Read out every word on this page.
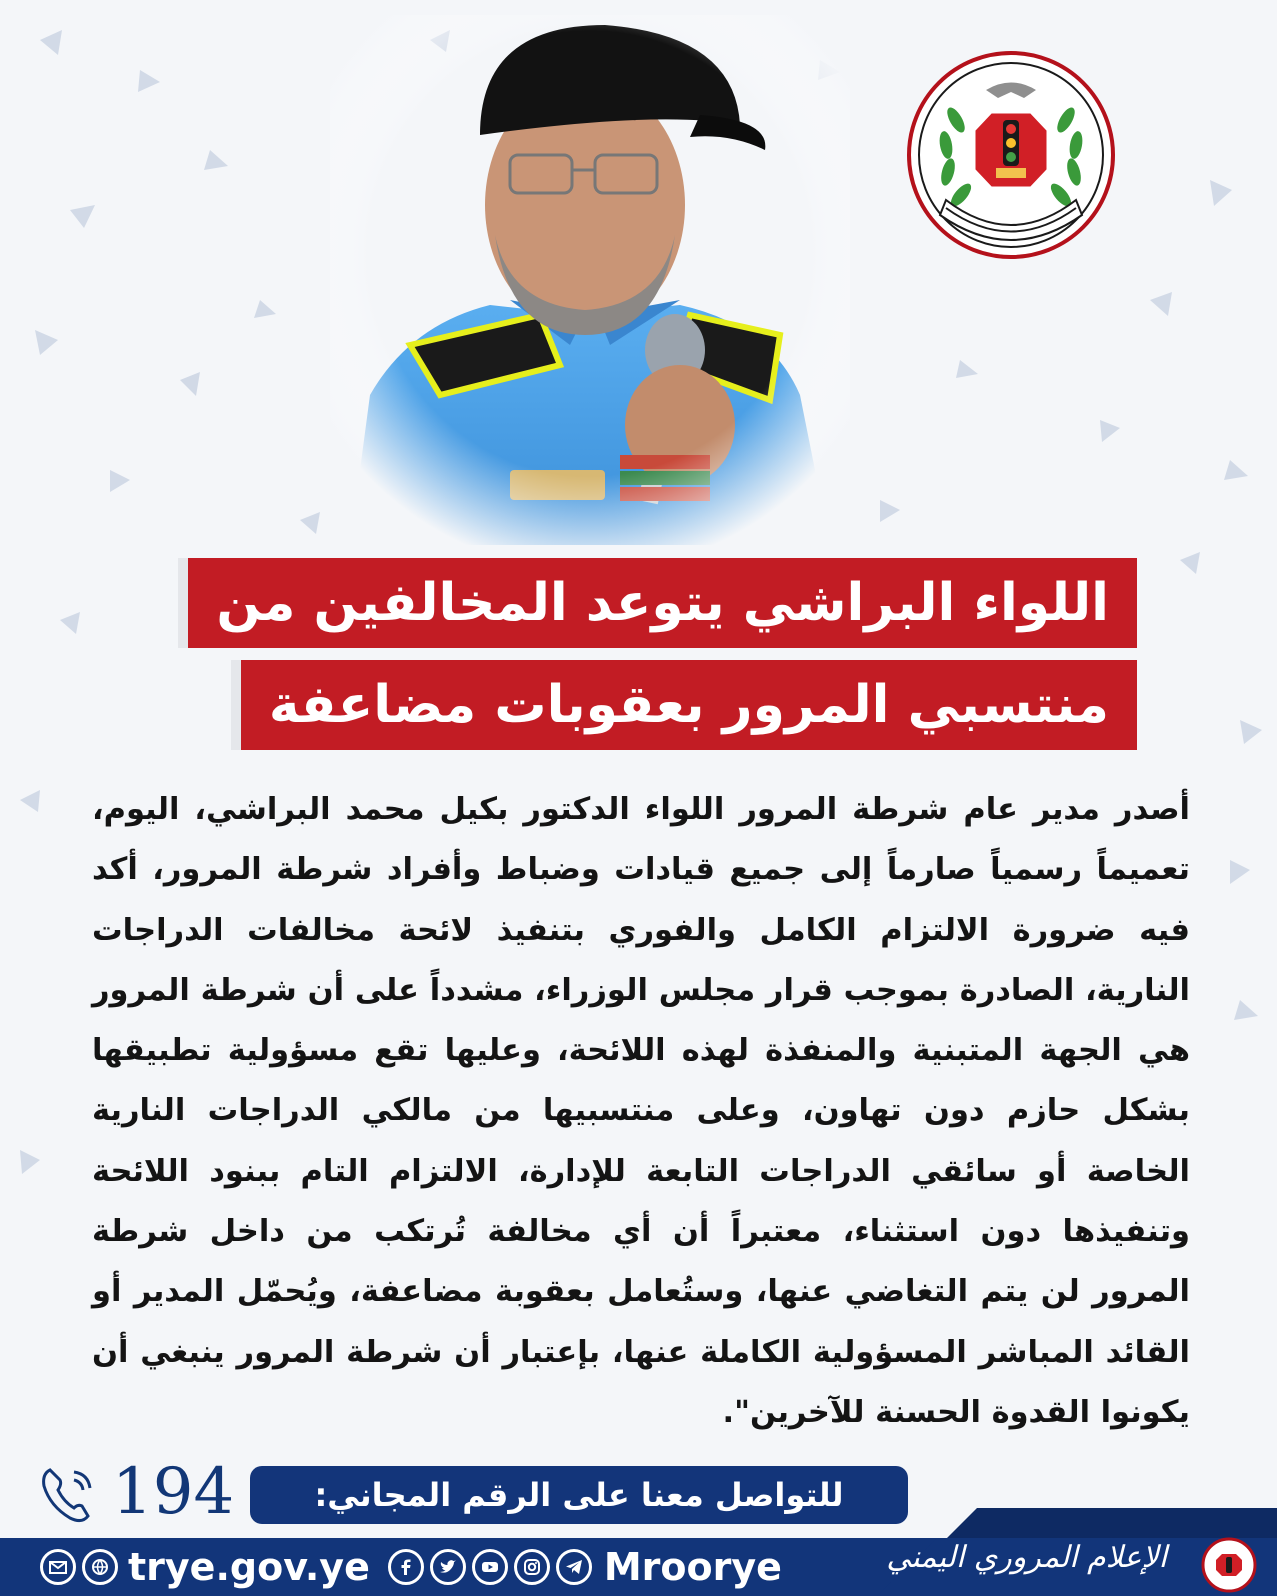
اللواء البراشي يتوعد المخالفين من
منتسبي المرور بعقوبات مضاعفة
أصدر مدير عام شرطة المرور اللواء الدكتور بكيل محمد البراشي، اليوم، تعميماً رسمياً صارماً إلى جميع قيادات وضباط وأفراد شرطة المرور، أكد فيه ضرورة الالتزام الكامل والفوري بتنفيذ لائحة مخالفات الدراجات النارية، الصادرة بموجب قرار مجلس الوزراء، مشدداً على أن شرطة المرور هي الجهة المتبنية والمنفذة لهذه اللائحة، وعليها تقع مسؤولية تطبيقها بشكل حازم دون تهاون، وعلى منتسبيها من مالكي الدراجات النارية الخاصة أو سائقي الدراجات التابعة للإدارة، الالتزام التام ببنود اللائحة وتنفيذها دون استثناء، معتبراً أن أي مخالفة تُرتكب من داخل شرطة المرور لن يتم التغاضي عنها، وستُعامل بعقوبة مضاعفة، ويُحمّل المدير أو القائد المباشر المسؤولية الكاملة عنها، بإعتبار أن شرطة المرور ينبغي أن يكونوا القدوة الحسنة للآخرين".
194	للتواصل معنا على الرقم المجاني:
trye.gov.ye	Mroorye	الإعلام المروري اليمني
